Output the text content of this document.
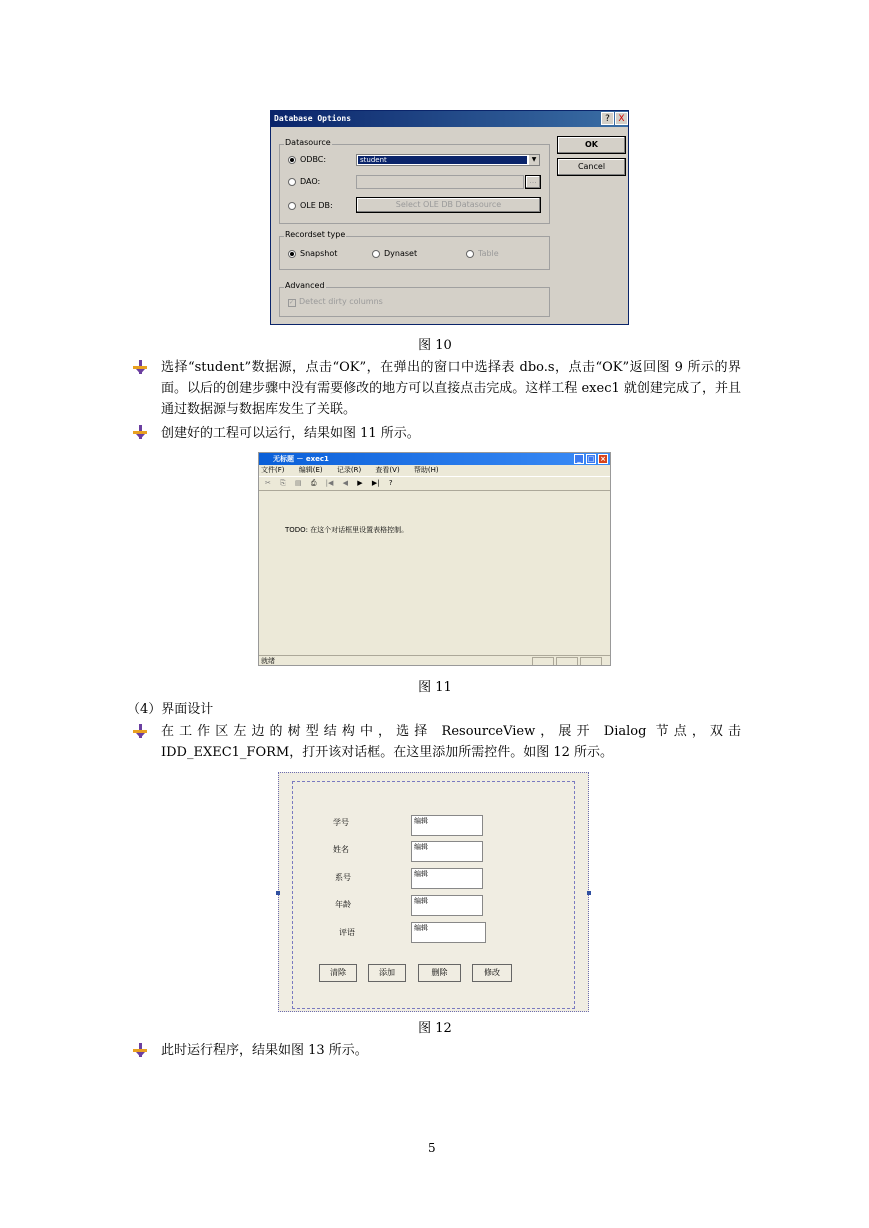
Database Options	? X
Datasource
ODBC:	student	▼
DAO:	...
OLE DB:	Select OLE DB Datasource
Recordset type
Snapshot	Dynaset	Table
Advanced
✓ Detect dirty columns
OK
Cancel
图 10
选择“student”数据源，点击“OK”，在弹出的窗口中选择表 dbo.s，点击“OK”返回图 9 所示的界面。以后的创建步骤中没有需要修改的地方可以直接点击完成。这样工程 exec1 就创建完成了，并且通过数据源与数据库发生了关联。
创建好的工程可以运行，结果如图 11 所示。
无标题 － exec1	_ □ ×
文件(F) 编辑(E) 记录(R) 查看(V) 帮助(H)
✂ ⎘ ▤ ⎙ |◀ ◀ ▶ ▶| ?
TODO: 在这个对话框里设置表格控制。
就绪
图 11
（4）界面设计
在工作区左边的树型结构中，选择 ResourceView，展开 Dialog 节点，双击 IDD_EXEC1_FORM，打开该对话框。在这里添加所需控件。如图 12 所示。
学号	编辑
姓名	编辑
系号	编辑
年龄	编辑
评语	编辑
清除	添加	删除	修改
图 12
此时运行程序，结果如图 13 所示。
5
